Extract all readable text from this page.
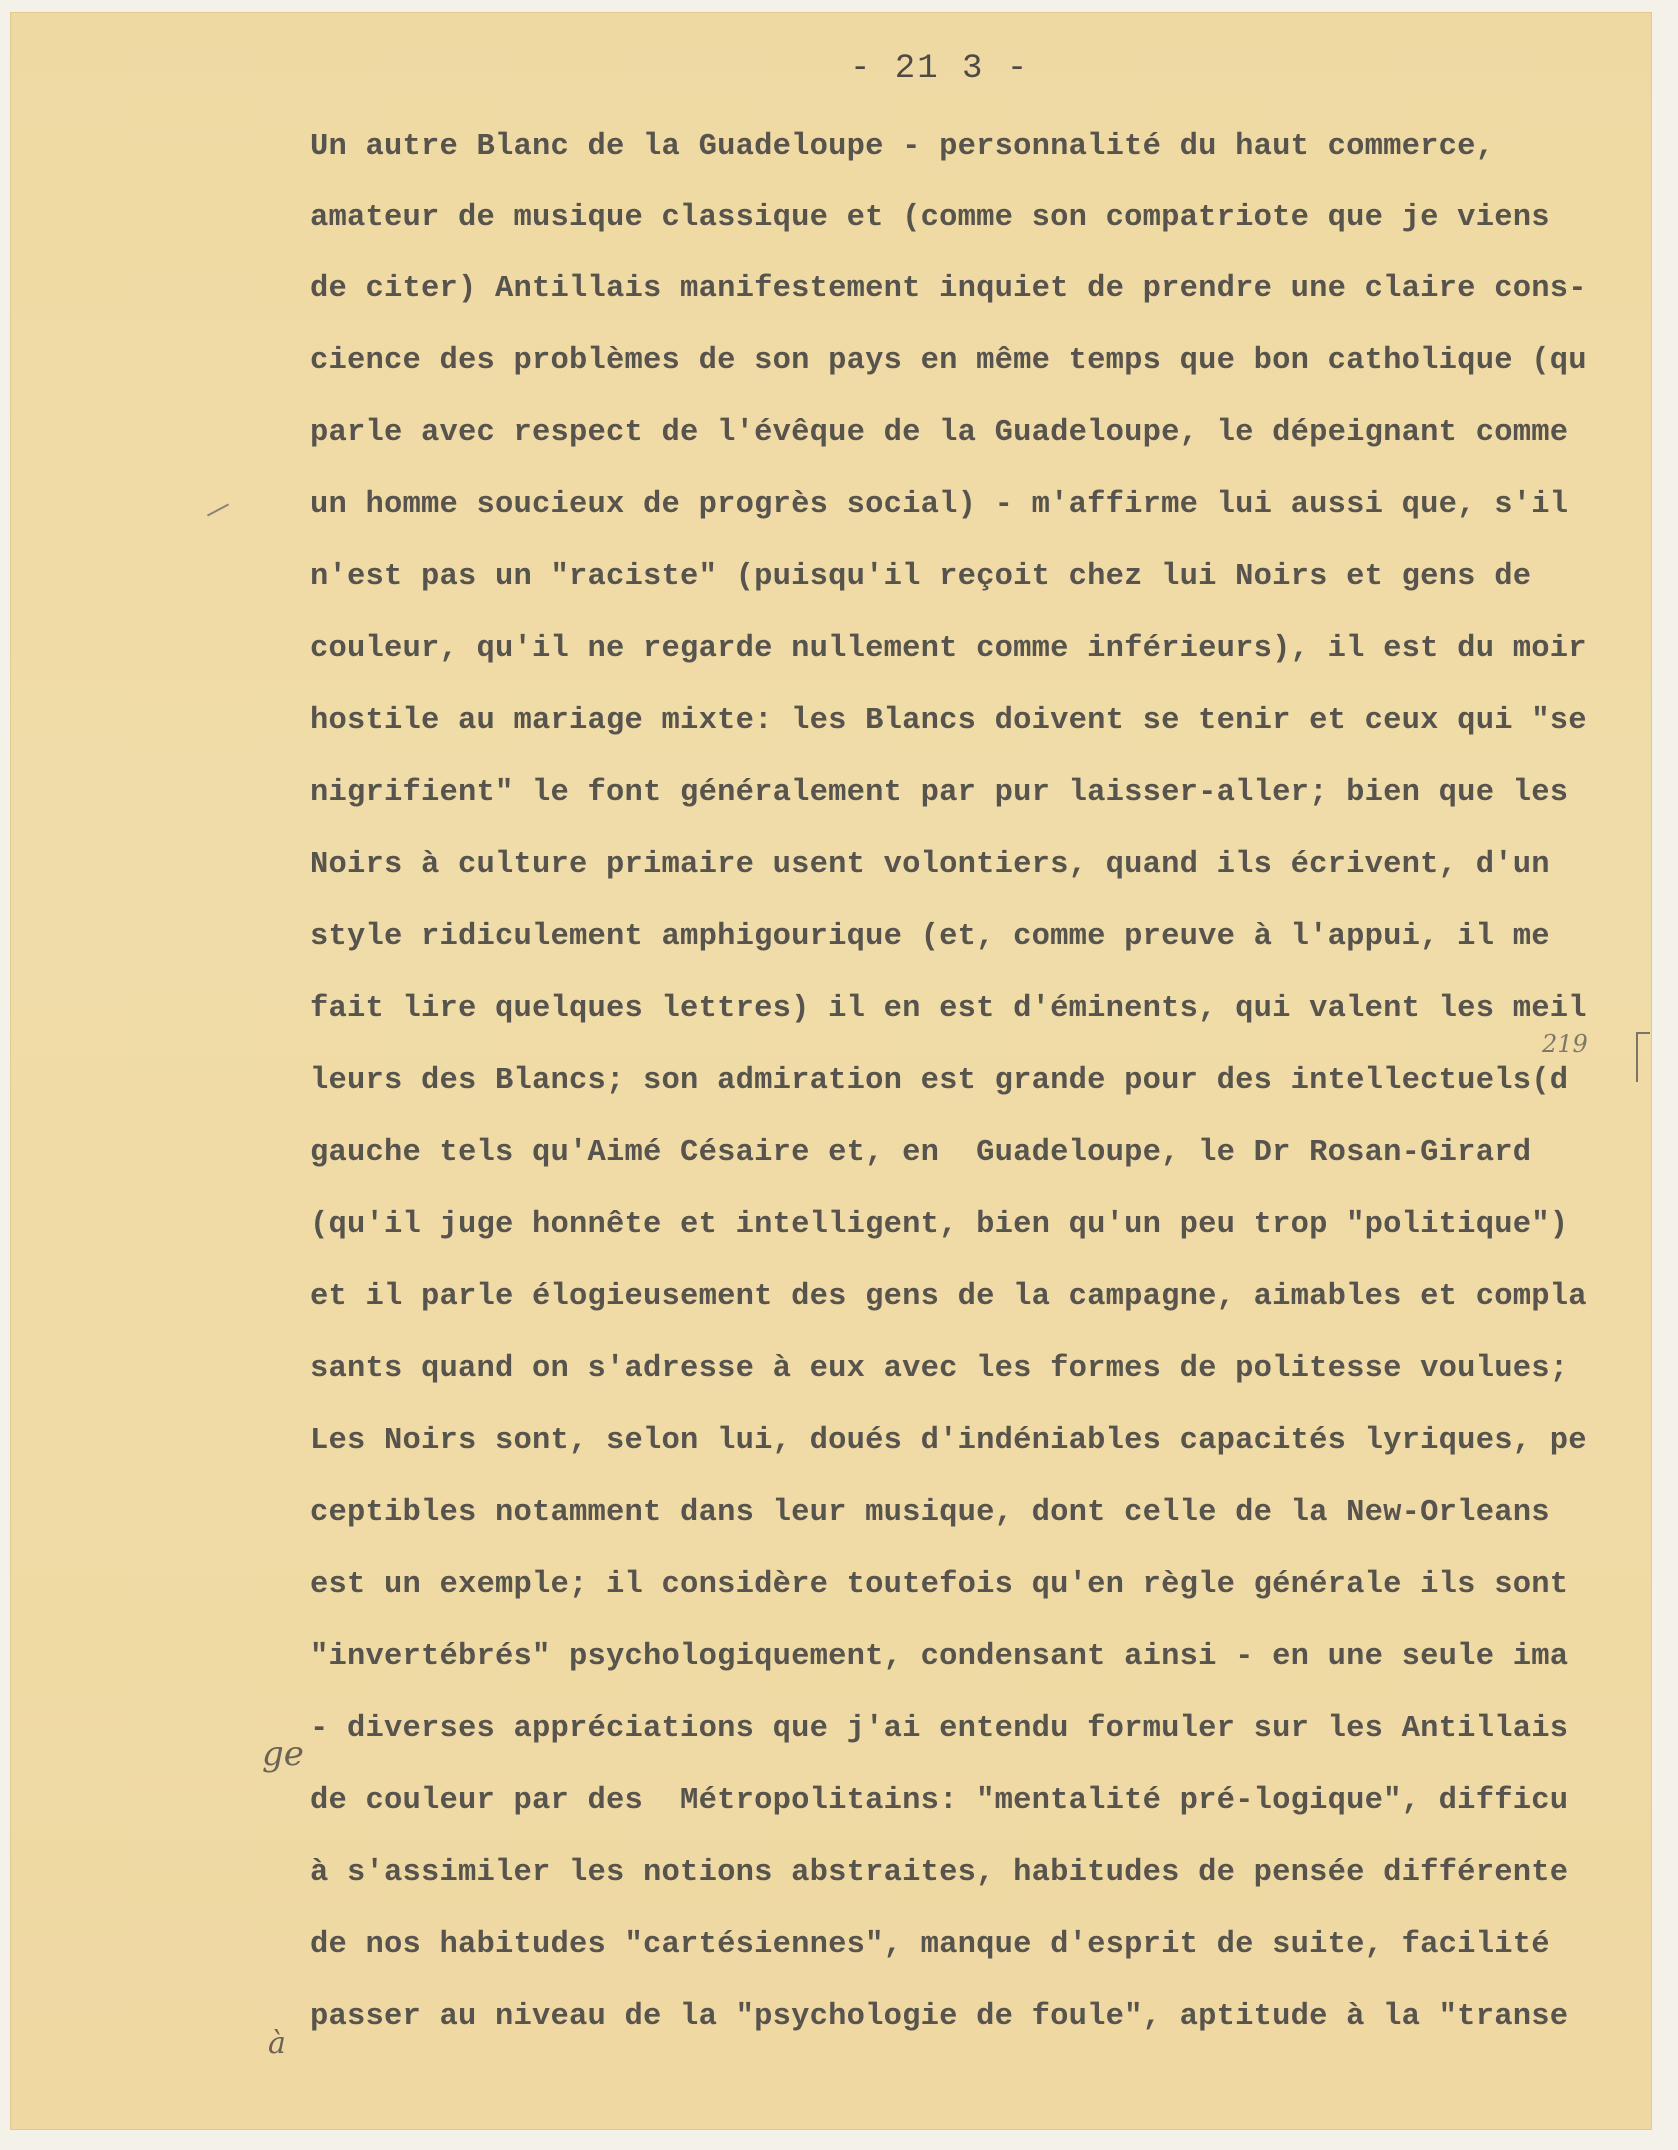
- 21 3 -
Un autre Blanc de la Guadeloupe - personnalité du haut commerce,
amateur de musique classique et (comme son compatriote que je viens
de citer) Antillais manifestement inquiet de prendre une claire cons-
cience des problèmes de son pays en même temps que bon catholique (qu
parle avec respect de l'évêque de la Guadeloupe, le dépeignant comme
un homme soucieux de progrès social) - m'affirme lui aussi que, s'il
n'est pas un "raciste" (puisqu'il reçoit chez lui Noirs et gens de
couleur, qu'il ne regarde nullement comme inférieurs), il est du moir
hostile au mariage mixte: les Blancs doivent se tenir et ceux qui "se
nigrifient" le font généralement par pur laisser-aller; bien que les
Noirs à culture primaire usent volontiers, quand ils écrivent, d'un
style ridiculement amphigourique (et, comme preuve à l'appui, il me
fait lire quelques lettres) il en est d'éminents, qui valent les meil
leurs des Blancs; son admiration est grande pour des intellectuels(d
gauche tels qu'Aimé Césaire et, en  Guadeloupe, le Dr Rosan-Girard
(qu'il juge honnête et intelligent, bien qu'un peu trop "politique")
et il parle élogieusement des gens de la campagne, aimables et compla
sants quand on s'adresse à eux avec les formes de politesse voulues;
Les Noirs sont, selon lui, doués d'indéniables capacités lyriques, pe
ceptibles notamment dans leur musique, dont celle de la New-Orleans
est un exemple; il considère toutefois qu'en règle générale ils sont
"invertébrés" psychologiquement, condensant ainsi - en une seule ima
- diverses appréciations que j'ai entendu formuler sur les Antillais
de couleur par des  Métropolitains: "mentalité pré-logique", difficu
à s'assimiler les notions abstraites, habitudes de pensée différente
de nos habitudes "cartésiennes", manque d'esprit de suite, facilité
passer au niveau de la "psychologie de foule", aptitude à la "transe
219
ge
à
